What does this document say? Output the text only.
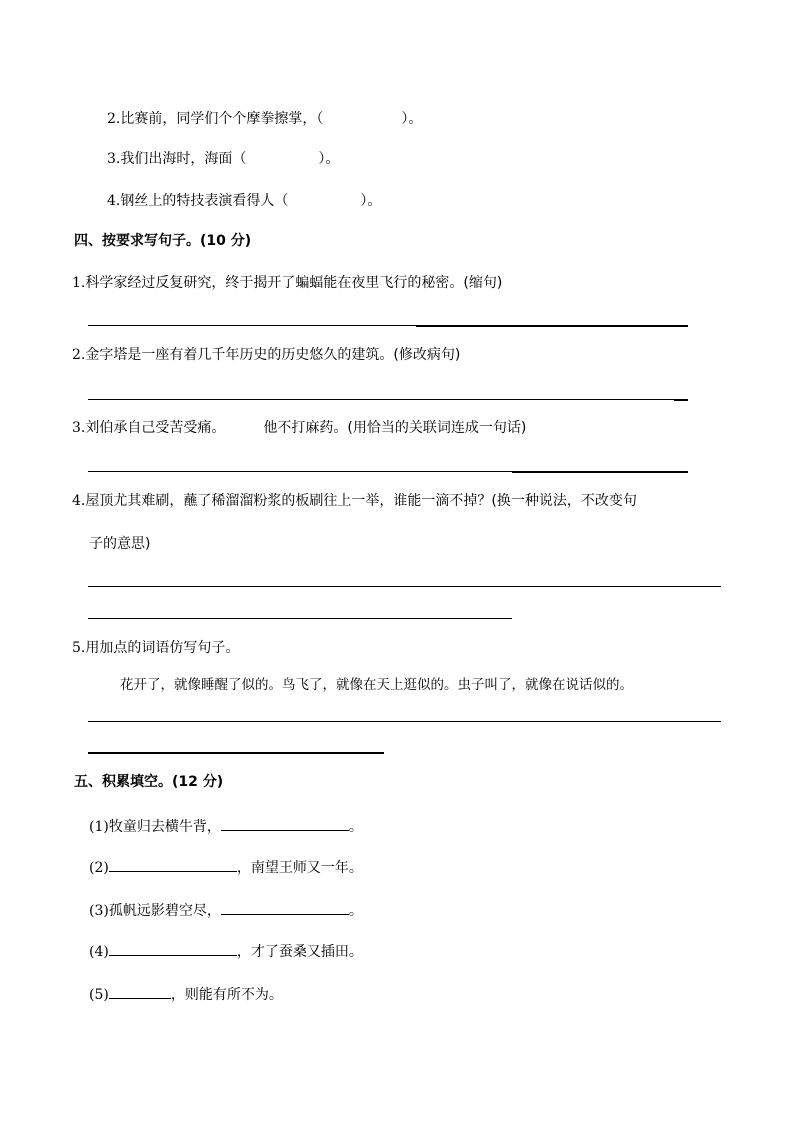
2.比赛前，同学们个个摩拳擦掌，（	）。
3.我们出海时，海面（	）。
4.钢丝上的特技表演看得人（	）。
四、按要求写句子。(10 分)
1.科学家经过反复研究，终于揭开了蝙蝠能在夜里飞行的秘密。(缩句)
2.金字塔是一座有着几千年历史的历史悠久的建筑。(修改病句)
3.刘伯承自己受苦受痛。	他不打麻药。(用恰当的关联词连成一句话)
4.屋顶尤其难刷，蘸了稀溜溜粉浆的板刷往上一举，谁能一滴不掉？(换一种说法，不改变句
子的意思)
5.用加点的词语仿写句子。
花开了，就像睡醒了似的。鸟飞了，就像在天上逛似的。虫子叫了，就像在说话似的。
五、积累填空。(12 分)
(1)牧童归去横牛背，	。
(2)	，南望王师又一年。
(3)孤帆远影碧空尽，	。
(4)	，才了蚕桑又插田。
(5)	，则能有所不为。
